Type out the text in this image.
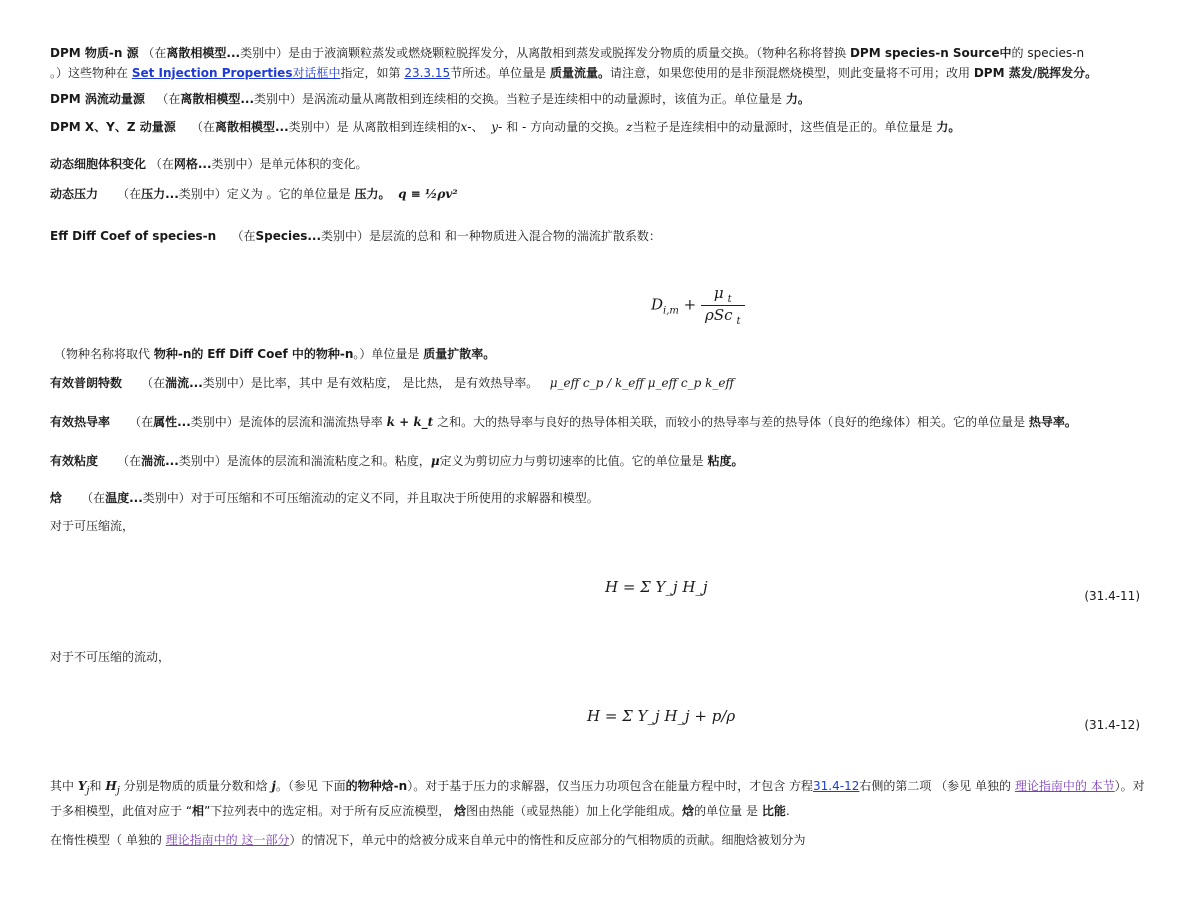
DPM 物质-n 源 （在离散相模型...类别中）是由于液滴颗粒蒸发或燃烧颗粒脱挥发分，从离散相到蒸发或脱挥发分物质的质量交换。（物种名称将替换 DPM species-n Source中的 species-n
。）这些物种在 Set Injection Properties对话框中指定，如第 23.3.15节所述。单位量是 质量流量。请注意，如果您使用的是非预混燃烧模型，则此变量将不可用；改用 DPM 蒸发/脱挥发分。
DPM 涡流动量源 （在离散相模型...类别中）是涡流动量从离散相到连续相的交换。当粒子是连续相中的动量源时，该值为正。单位量是 力。
DPM X、Y、Z 动量源 （在离散相模型...类别中）是 从离散相到连续相的x-、 y- 和 - 方向动量的交换。z当粒子是连续相中的动量源时，这些值是正的。单位量是 力。
动态细胞体积变化 （在网格...类别中）是单元体积的变化。
动态压力 （在压力...类别中）定义为 。它的单位量是 压力。 q ≡ ½ρv²
Eff Diff Coef of species-n （在Species...类别中）是层流的总和 和一种物质进入混合物的湍流扩散系数：
$D_{i,m} + \frac{\mu _t}{\rho Sc _t}$
（物种名称将取代 物种-n的 Eff Diff Coef 中的物种-n。）单位量是 质量扩散率。
有效普朗特数 （在湍流...类别中）是比率，其中 是有效粘度， 是比热， 是有效热导率。 μ_eff c_p / k_eff μ_eff c_p k_eff
有效热导率 （在属性...类别中）是流体的层流和湍流热导率 k + k_t 之和。大的热导率与良好的热导体相关联，而较小的热导率与差的热导体（良好的绝缘体）相关。它的单位量是 热导率。
有效粘度 （在湍流...类别中）是流体的层流和湍流粘度之和。粘度，μ定义为剪切应力与剪切速率的比值。它的单位量是 粘度。
焓 （在温度...类别中）对于可压缩和不可压缩流动的定义不同，并且取决于所使用的求解器和模型。
对于可压缩流，
H = Σ Y_j H_j	(31.4-11)
对于不可压缩的流动，
H = Σ Y_j H_j + p/ρ	(31.4-12)
其中 $Y_j$和 $H_j$ 分别是物质的质量分数和焓 j。（参见 下面的物种焓-n）。对于基于压力的求解器，仅当压力功项包含在能量方程中时，才包含 方程31.4-12右侧的第二项 （参见 单独的 理论指南中的 本节）。对于多相模型，此值对应于 “相”下拉列表中的选定相。对于所有反应流模型， 焓图由热能（或显热能）加上化学能组成。焓的单位量 是 比能.
在惰性模型（ 单独的 理论指南中的 这一部分）的情况下，单元中的焓被分成来自单元中的惰性和反应部分的气相物质的贡献。细胞焓被划分为
